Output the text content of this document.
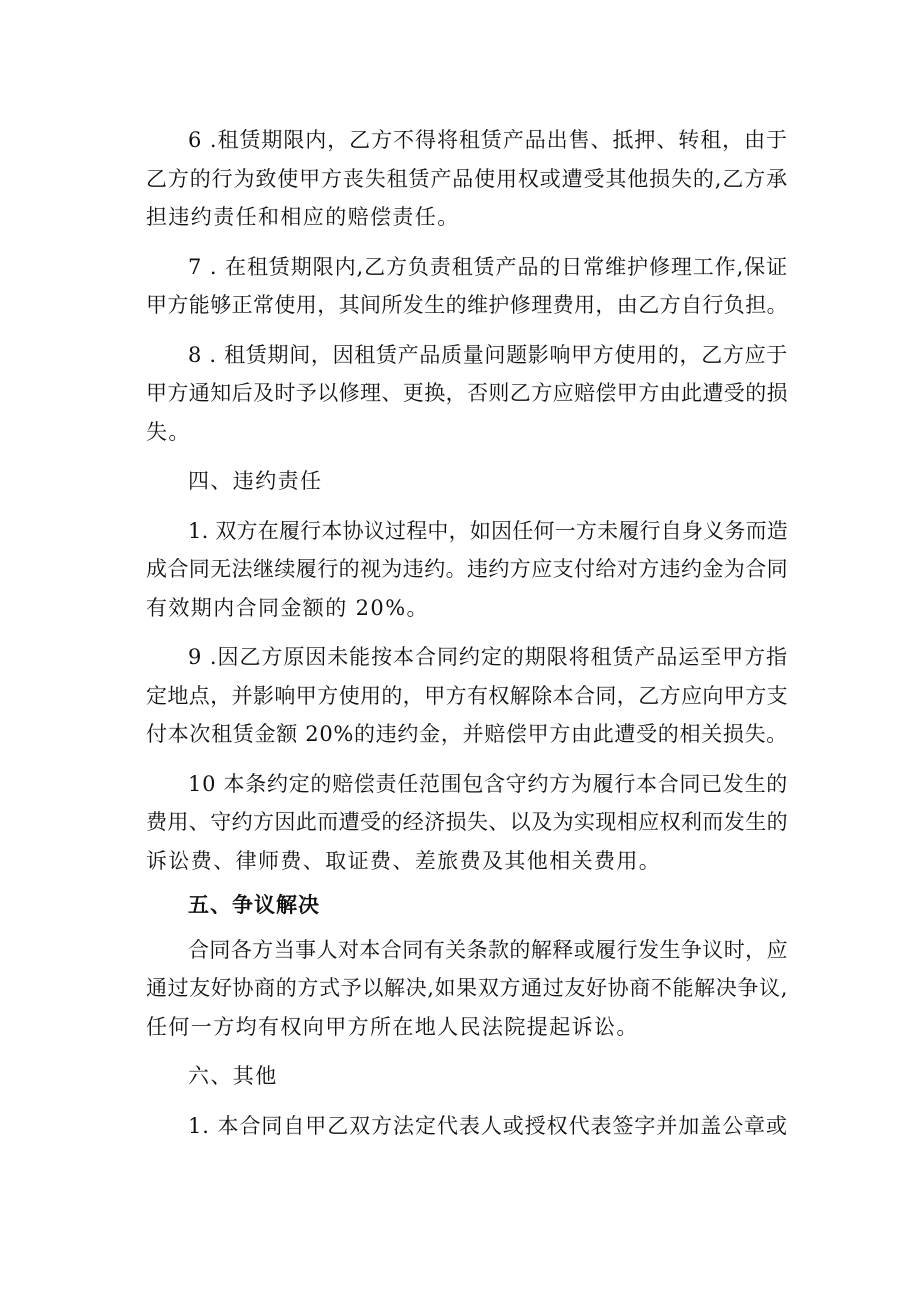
6 .租赁期限内，乙方不得将租赁产品出售、抵押、转租，由于
乙方的行为致使甲方丧失租赁产品使用权或遭受其他损失的,乙方承
担违约责任和相应的赔偿责任。
7 . 在租赁期限内,乙方负责租赁产品的日常维护修理工作,保证
甲方能够正常使用，其间所发生的维护修理费用，由乙方自行负担。
8 . 租赁期间，因租赁产品质量问题影响甲方使用的，乙方应于
甲方通知后及时予以修理、更换，否则乙方应赔偿甲方由此遭受的损
失。
四、违约责任
1. 双方在履行本协议过程中，如因任何一方未履行自身义务而造
成合同无法继续履行的视为违约。违约方应支付给对方违约金为合同
有效期内合同金额的 20%。
9 .因乙方原因未能按本合同约定的期限将租赁产品运至甲方指
定地点，并影响甲方使用的，甲方有权解除本合同，乙方应向甲方支
付本次租赁金额 20%的违约金，并赔偿甲方由此遭受的相关损失。
10 本条约定的赔偿责任范围包含守约方为履行本合同已发生的
费用、守约方因此而遭受的经济损失、以及为实现相应权利而发生的
诉讼费、律师费、取证费、差旅费及其他相关费用。
五、争议解决
合同各方当事人对本合同有关条款的解释或履行发生争议时，应
通过友好协商的方式予以解决,如果双方通过友好协商不能解决争议,
任何一方均有权向甲方所在地人民法院提起诉讼。
六、其他
1. 本合同自甲乙双方法定代表人或授权代表签字并加盖公章或
